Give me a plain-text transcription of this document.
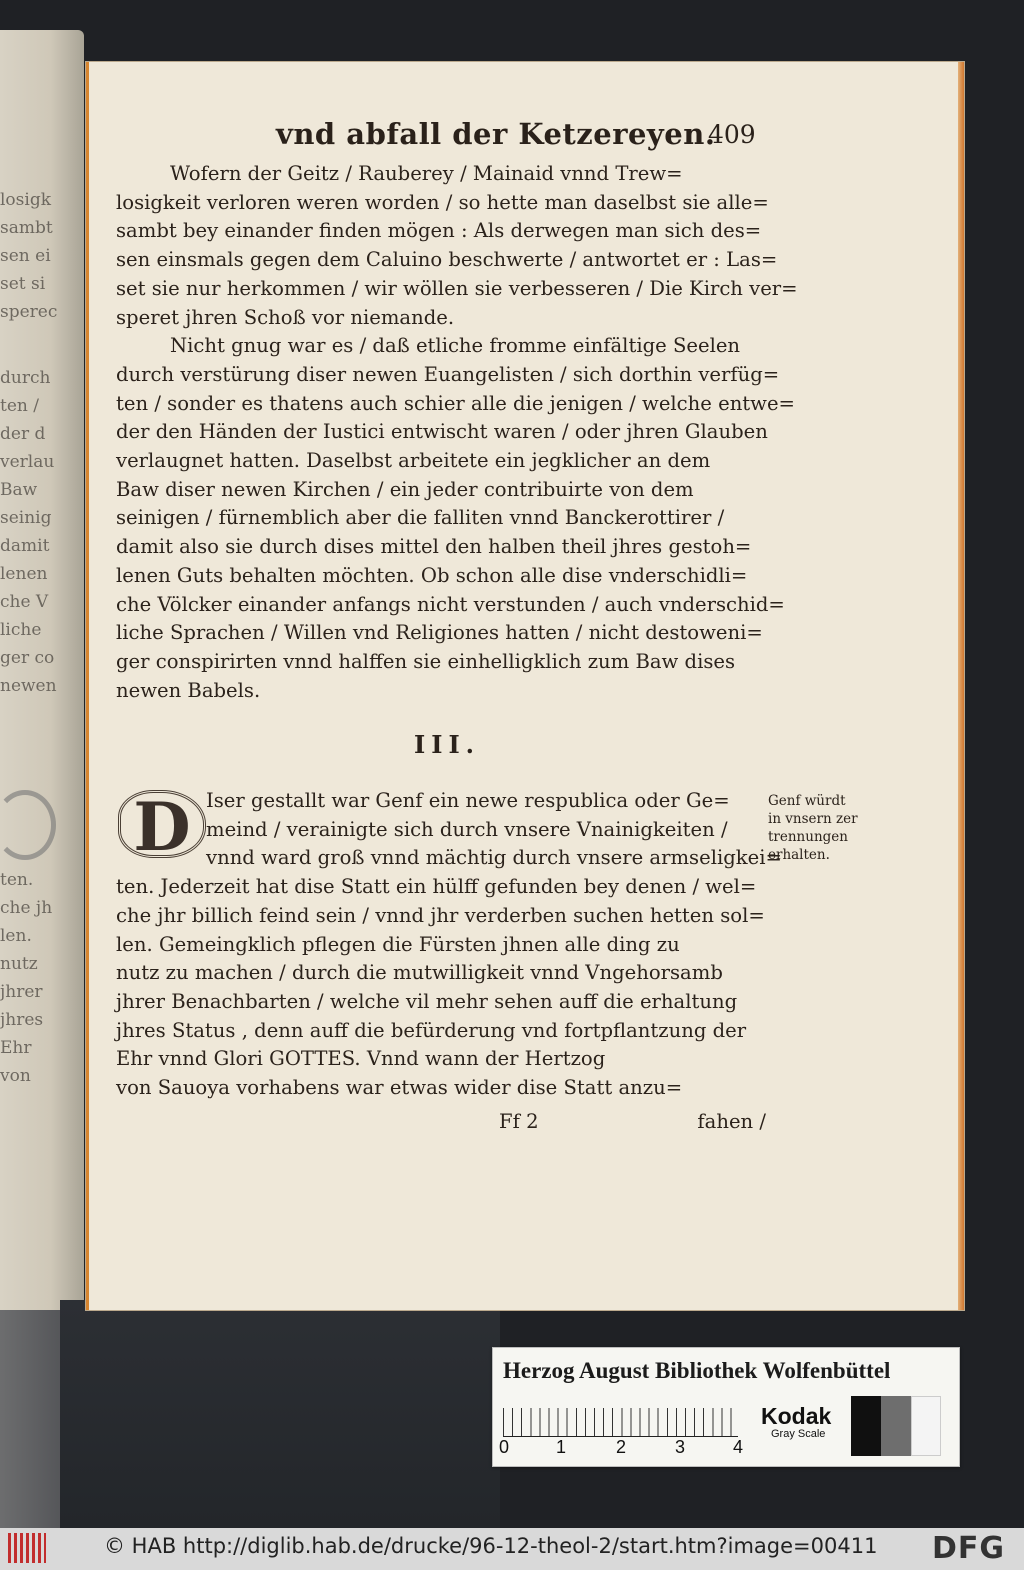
losigk
sambt
sen ei
set si
sperec
durch
ten /
der d
verlau
Baw
seinig
damit
lenen
che V
liche
ger co
newen
ten.
che jh
len.
nutz
jhrer
jhres
Ehr
von
vnd abfall der Ketzereyen.
409
Wofern der Geitz / Rauberey / Mainaid vnnd Trew=
losigkeit verloren weren worden / so hette man daselbst sie alle=
sambt bey einander finden mögen : Als derwegen man sich des=
sen einsmals gegen dem Caluino beschwerte / antwortet er : Las=
set sie nur herkommen / wir wöllen sie verbesseren / Die Kirch ver=
speret jhren Schoß vor niemande.
Nicht gnug war es / daß etliche fromme einfältige Seelen
durch verstürung diser newen Euangelisten / sich dorthin verfüg=
ten / sonder es thatens auch schier alle die jenigen / welche entwe=
der den Händen der Iustici entwischt waren / oder jhren Glauben
verlaugnet hatten. Daselbst arbeitete ein jegklicher an dem
Baw diser newen Kirchen / ein jeder contribuirte von dem
seinigen / fürnemblich aber die falliten vnnd Banckerottirer /
damit also sie durch dises mittel den halben theil jhres gestoh=
lenen Guts behalten möchten. Ob schon alle dise vnderschidli=
che Völcker einander anfangs nicht verstunden / auch vnderschid=
liche Sprachen / Willen vnd Religiones hatten / nicht destoweni=
ger conspirirten vnnd halffen sie einhelligklich zum Baw dises
newen Babels.
III.
D Iser gestallt war Genf ein newe respublica oder Ge=
meind / verainigte sich durch vnsere Vnainigkeiten /
vnnd ward groß vnnd mächtig durch vnsere armseligkei=
ten. Jederzeit hat dise Statt ein hülff gefunden bey denen / wel=
che jhr billich feind sein / vnnd jhr verderben suchen hetten sol=
len. Gemeingklich pflegen die Fürsten jhnen alle ding zu
nutz zu machen / durch die mutwilligkeit vnnd Vngehorsamb
jhrer Benachbarten / welche vil mehr sehen auff die erhaltung
jhres Status , denn auff die befürderung vnd fortpflantzung der
Ehr vnnd Glori GOTTES. Vnnd wann der Hertzog
von Sauoya vorhabens war etwas wider dise Statt anzu=
Genf würdt
in vnsern zer
trennungen
erhalten.
Ff 2	fahen /
Herzog August Bibliothek Wolfenbüttel
0	1	2	3	4
Kodak
Gray Scale
© HAB http://diglib.hab.de/drucke/96-12-theol-2/start.htm?image=00411 DFG
